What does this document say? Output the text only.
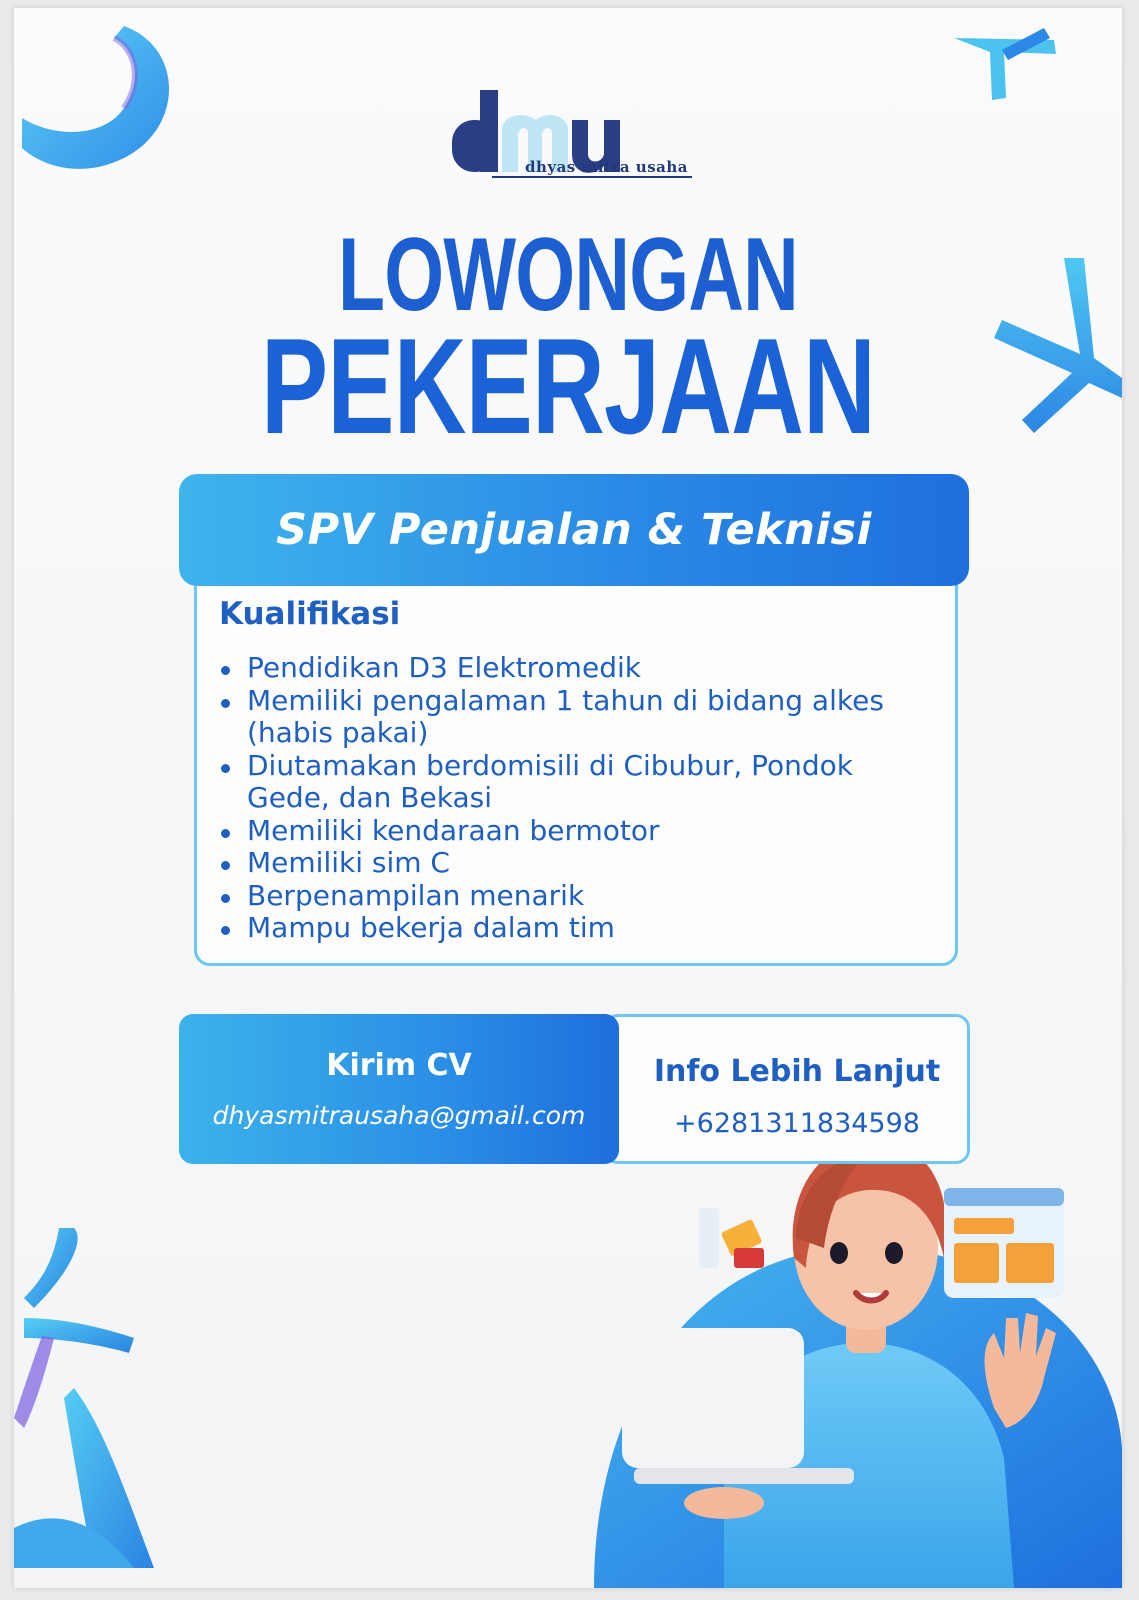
dhyas mitra usaha
LOWONGAN
PEKERJAAN
SPV Penjualan & Teknisi
Kualifikasi
Pendidikan D3 Elektromedik
Memiliki pengalaman 1 tahun di bidang alkes (habis pakai)
Diutamakan berdomisili di Cibubur, Pondok Gede, dan Bekasi
Memiliki kendaraan bermotor
Memiliki sim C
Berpenampilan menarik
Mampu bekerja dalam tim
Kirim CV
dhyasmitrausaha@gmail.com
Info Lebih Lanjut
+6281311834598
